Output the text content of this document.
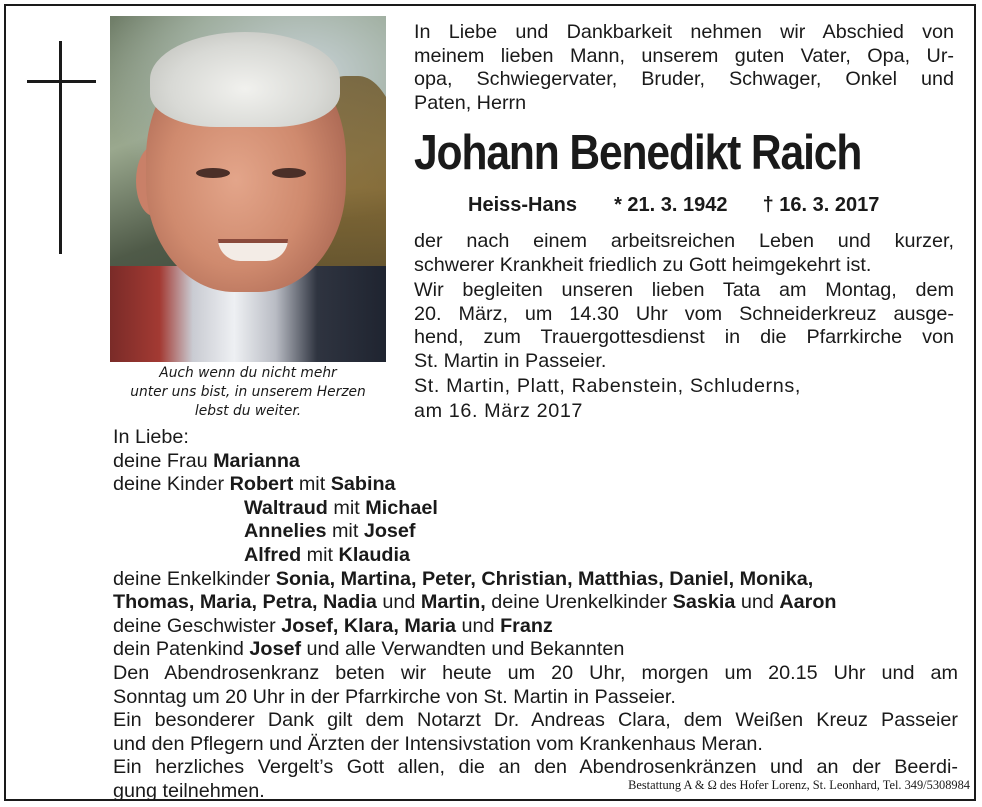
Auch wenn du nicht mehr
unter uns bist, in unserem Herzen
lebst du weiter.
In Liebe und Dankbarkeit nehmen wir Abschied von
meinem lieben Mann, unserem guten Vater, Opa, Ur-
opa, Schwiegervater, Bruder, Schwager, Onkel und
Paten, Herrn
Johann Benedikt Raich
Heiss-Hans * 21. 3. 1942 † 16. 3. 2017
der nach einem arbeitsreichen Leben und kurzer,
schwerer Krankheit friedlich zu Gott heimgekehrt ist.
Wir begleiten unseren lieben Tata am Montag, dem
20. März, um 14.30 Uhr vom Schneiderkreuz ausge-
hend, zum Trauergottesdienst in die Pfarrkirche von
St. Martin in Passeier.
St. Martin, Platt, Rabenstein, Schluderns,
am 16. März 2017
In Liebe:
deine Frau Marianna
deine Kinder Robert mit Sabina
Waltraud mit Michael
Annelies mit Josef
Alfred mit Klaudia
deine Enkelkinder Sonia, Martina, Peter, Christian, Matthias, Daniel, Monika,
Thomas, Maria, Petra, Nadia und Martin, deine Urenkelkinder Saskia und Aaron
deine Geschwister Josef, Klara, Maria und Franz
dein Patenkind Josef und alle Verwandten und Bekannten
Den Abendrosenkranz beten wir heute um 20 Uhr, morgen um 20.15 Uhr und am
Sonntag um 20 Uhr in der Pfarrkirche von St. Martin in Passeier.
Ein besonderer Dank gilt dem Notarzt Dr. Andreas Clara, dem Weißen Kreuz Passeier
und den Pflegern und Ärzten der Intensivstation vom Krankenhaus Meran.
Ein herzliches Vergelt’s Gott allen, die an den Abendrosenkränzen und an der Beerdi-
gung teilnehmen.	Bestattung A & Ω des Hofer Lorenz, St. Leonhard, Tel. 349/5308984
